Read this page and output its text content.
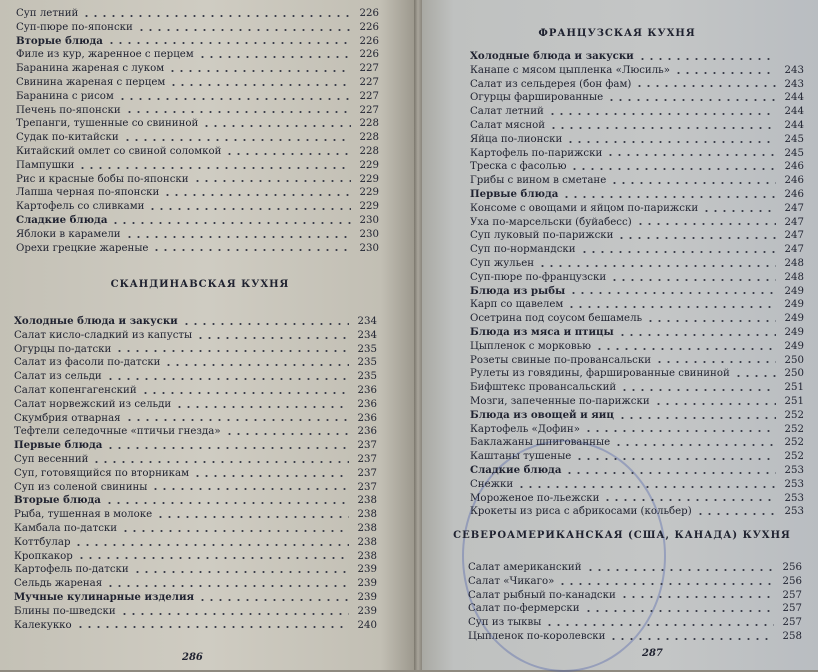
Суп летний	226
Суп-пюре по-японски	226
Вторые блюда	226
Филе из кур, жаренное с перцем	226
Баранина жареная с луком	227
Свинина жареная с перцем	227
Баранина с рисом	227
Печень по-японски	227
Трепанги, тушенные со свининой	228
Судак по-китайски	228
Китайский омлет со свиной соломкой	228
Пампушки	229
Рис и красные бобы по-японски	229
Лапша черная по-японски	229
Картофель со сливками	229
Сладкие блюда	230
Яблоки в карамели	230
Орехи грецкие жареные	230
СКАНДИНАВСКАЯ КУХНЯ
Холодные блюда и закуски	234
Салат кисло-сладкий из капусты	234
Огурцы по-датски	235
Салат из фасоли по-датски	235
Салат из сельди	235
Салат копенгагенский	236
Салат норвежский из сельди	236
Скумбрия отварная	236
Тефтели селедочные «птичьи гнезда»	236
Первые блюда	237
Суп весенний	237
Суп, готовящийся по вторникам	237
Суп из соленой свинины	237
Вторые блюда	238
Рыба, тушенная в молоке	238
Камбала по-датски	238
Коттбулар	238
Кропкакор	238
Картофель по-датски	239
Сельдь жареная	239
Мучные кулинарные изделия	239
Блины по-шведски	239
Калекукко	240
286
ФРАНЦУЗСКАЯ КУХНЯ
Холодные блюда и закуски
Канапе с мясом цыпленка «Люсиль»	243
Салат из сельдерея (бон фам)	243
Огурцы фаршированные	244
Салат летний	244
Салат мясной	244
Яйца по-лионски	245
Картофель по-парижски	245
Треска с фасолью	246
Грибы с вином в сметане	246
Первые блюда	246
Консоме с овощами и яйцом по-парижски	247
Уха по-марсельски (буйабесс)	247
Суп луковый по-парижски	247
Суп по-нормандски	247
Суп жульен	248
Суп-пюре по-французски	248
Блюда из рыбы	249
Карп со щавелем	249
Осетрина под соусом бешамель	249
Блюда из мяса и птицы	249
Цыпленок с морковью	249
Розеты свиные по-провансальски	250
Рулеты из говядины, фаршированные свининой	250
Бифштекс провансальский	251
Мозги, запеченные по-парижски	251
Блюда из овощей и яиц	252
Картофель «Дофин»	252
Баклажаны шпигованные	252
Каштаны тушеные	252
Сладкие блюда	253
Снежки	253
Мороженое по-льежски	253
Крокеты из риса с абрикосами (кольбер)	253
СЕВЕРОАМЕРИКАНСКАЯ (США, КАНАДА) КУХНЯ
Салат американский	256
Салат «Чикаго»	256
Салат рыбный по-канадски	257
Салат по-фермерски	257
Суп из тыквы	257
Цыпленок по-королевски	258
287
